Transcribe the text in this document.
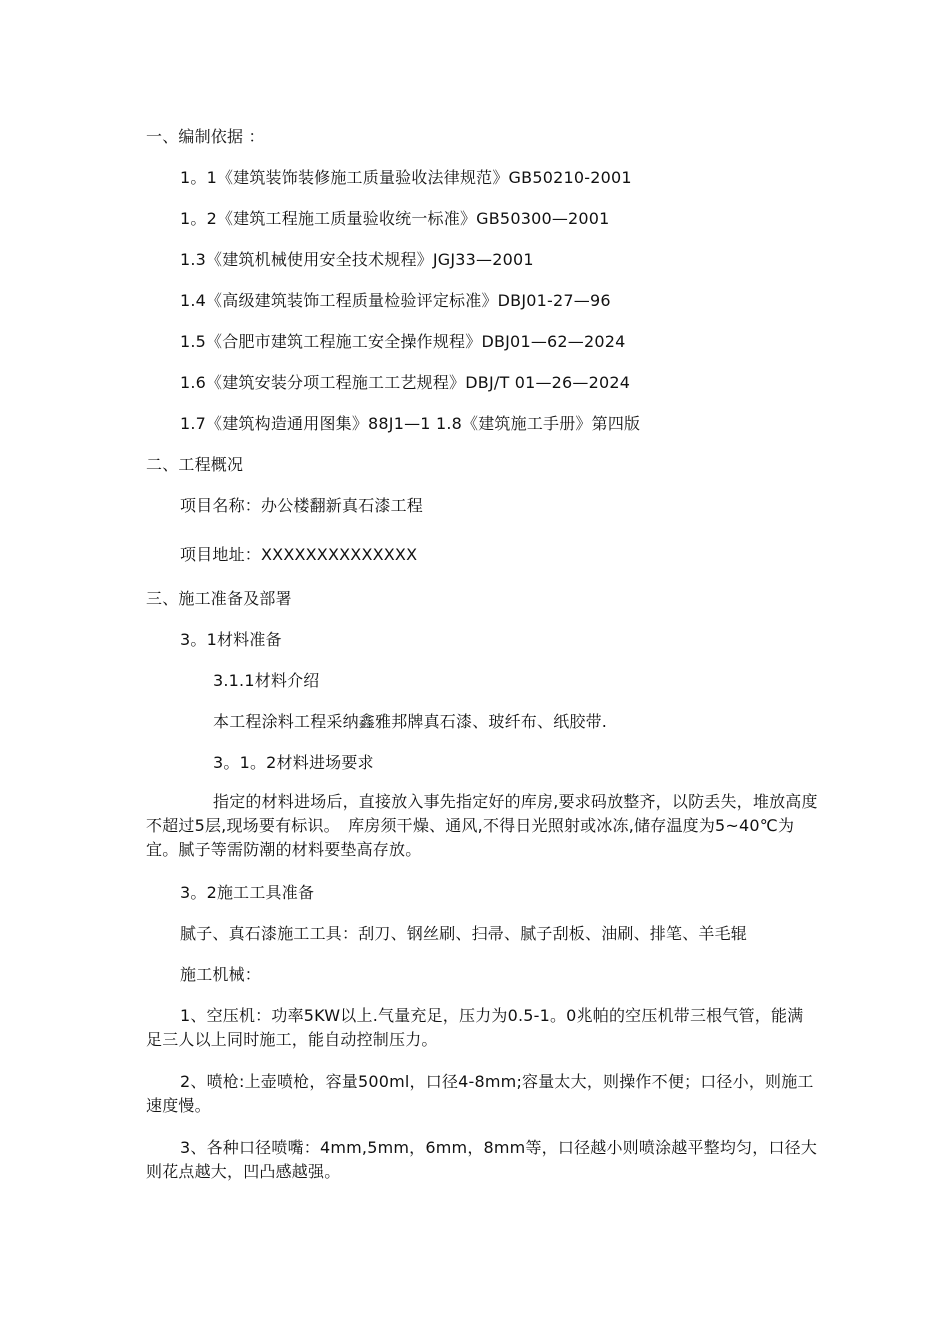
一、编制依据 ：
1。1《建筑装饰装修施工质量验收法律规范》GB50210-2001
1。2《建筑工程施工质量验收统一标准》GB50300—2001
1.3《建筑机械使用安全技术规程》JGJ33—2001
1.4《高级建筑装饰工程质量检验评定标准》DBJ01-27—96
1.5《合肥市建筑工程施工安全操作规程》DBJ01—62—2024
1.6《建筑安装分项工程施工工艺规程》DBJ/T 01—26—2024
1.7《建筑构造通用图集》88J1—1 1.8《建筑施工手册》第四版
二、工程概况
项目名称：办公楼翻新真石漆工程
项目地址：XXXXXXXXXXXXXX
三、施工准备及部署
3。1材料准备
3.1.1材料介绍
本工程涂料工程采纳鑫雅邦牌真石漆、玻纤布、纸胶带.
3。1。2材料进场要求
指定的材料进场后，直接放入事先指定好的库房,要求码放整齐，以防丢失，堆放高度不超过5层,现场要有标识。　库房须干燥、通风,不得日光照射或冰冻,储存温度为5~40℃为宜。腻子等需防潮的材料要垫高存放。
3。2施工工具准备
腻子、真石漆施工工具：刮刀、钢丝刷、扫帚、腻子刮板、油刷、排笔、羊毛辊
施工机械：
1、空压机：功率5KW以上.气量充足，压力为0.5-1。0兆帕的空压机带三根气管，能满足三人以上同时施工，能自动控制压力。
2、喷枪:上壶喷枪，容量500ml，口径4-8mm;容量太大，则操作不便；口径小，则施工速度慢。
3、各种口径喷嘴：4mm,5mm，6mm，8mm等，口径越小则喷涂越平整均匀，口径大则花点越大，凹凸感越强。
